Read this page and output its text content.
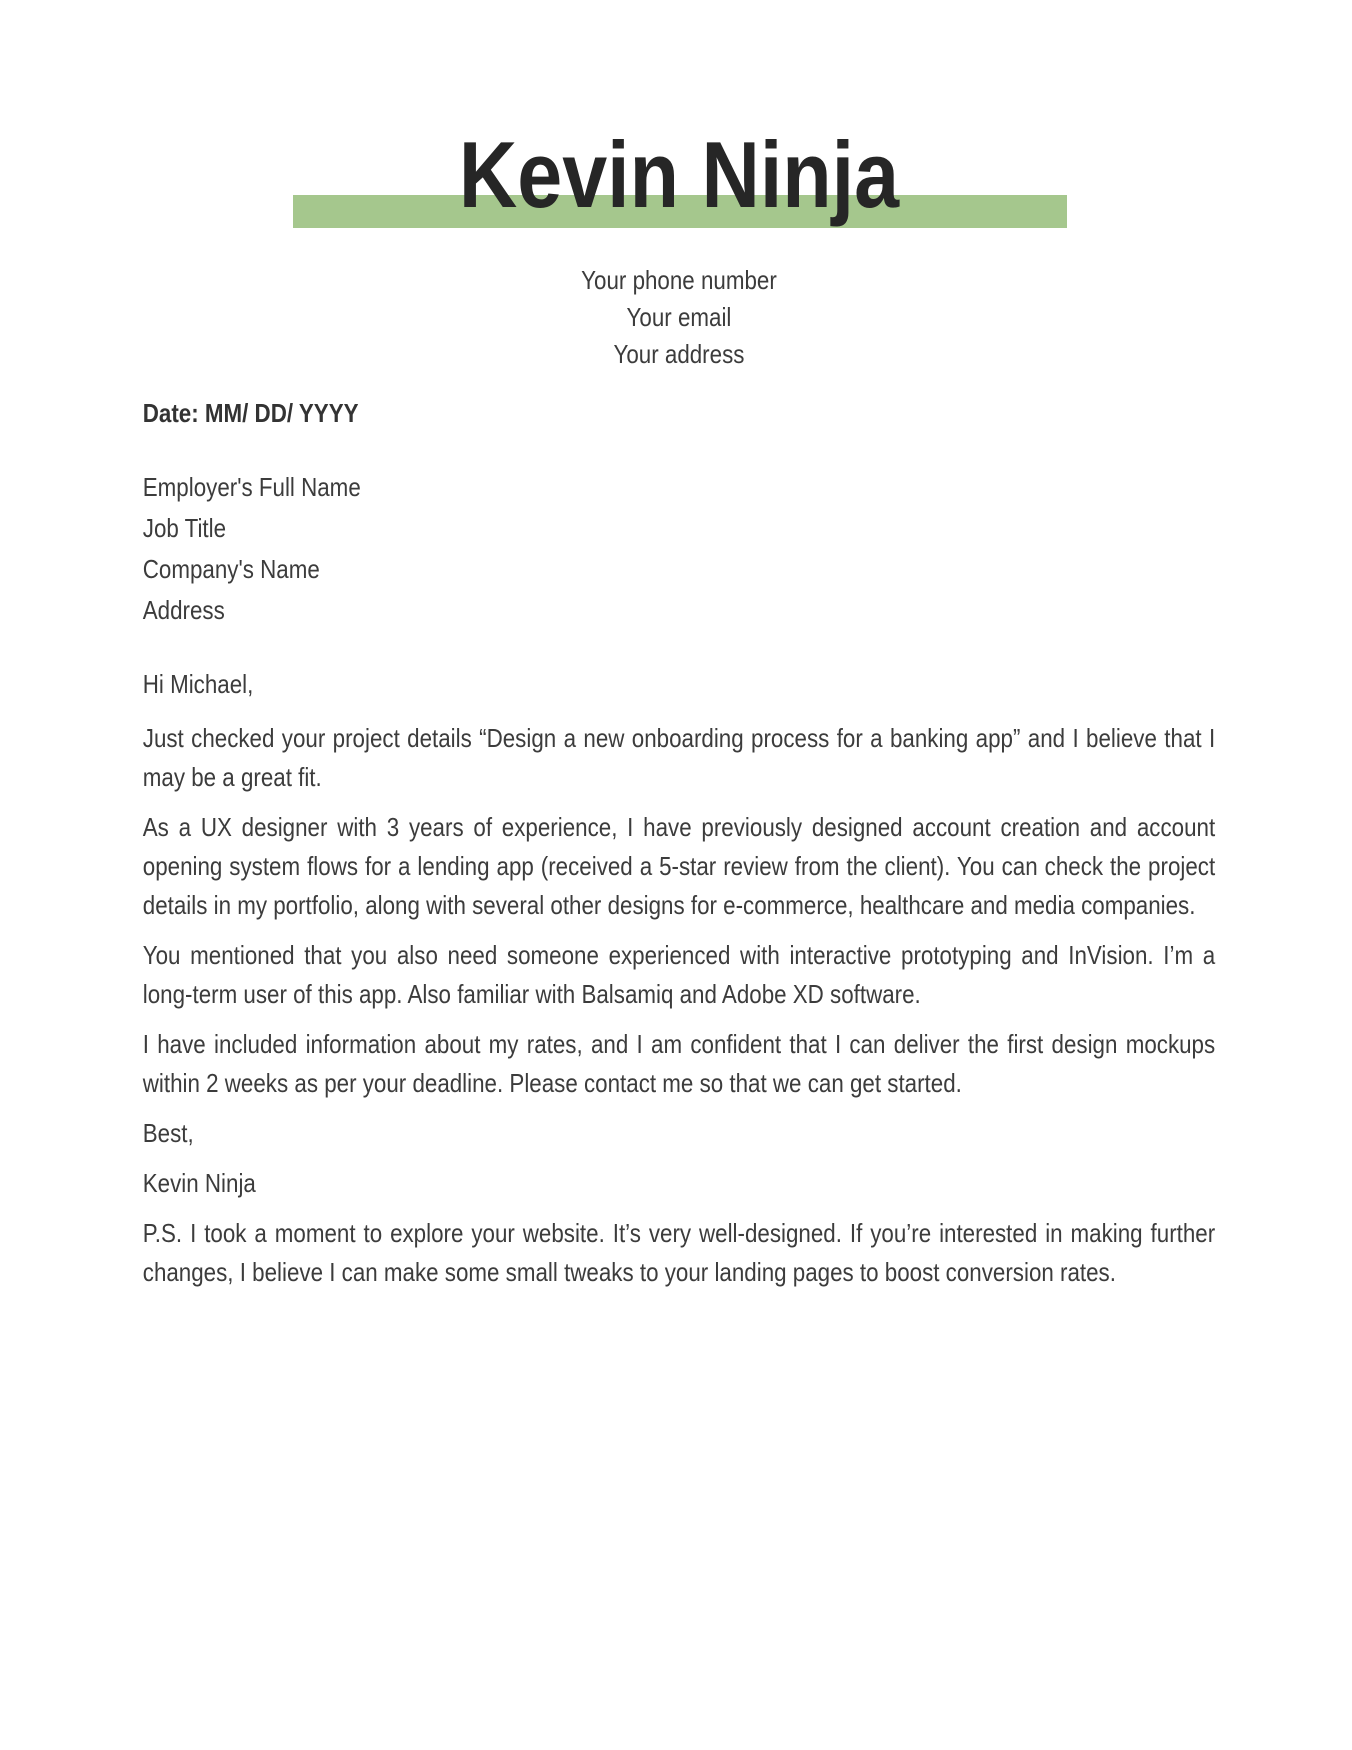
Kevin Ninja
Your phone number
Your email
Your address

Date: MM/ DD/ YYYY

Employer's Full Name
Job Title
Company's Name
Address

Hi Michael,

Just checked your project details “Design a new onboarding process for a banking app” and I believe that I may be a great fit.

As a UX designer with 3 years of experience, I have previously designed account creation and account opening system flows for a lending app (received a 5-star review from the client). You can check the project details in my portfolio, along with several other designs for e-commerce, healthcare and media companies.

You mentioned that you also need someone experienced with interactive prototyping and InVision. I’m a long-term user of this app. Also familiar with Balsamiq and Adobe XD software.

I have included information about my rates, and I am confident that I can deliver the first design mockups within 2 weeks as per your deadline. Please contact me so that we can get started.

Best,

Kevin Ninja

P.S. I took a moment to explore your website. It’s very well-designed. If you’re interested in making further changes, I believe I can make some small tweaks to your landing pages to boost conversion rates.
